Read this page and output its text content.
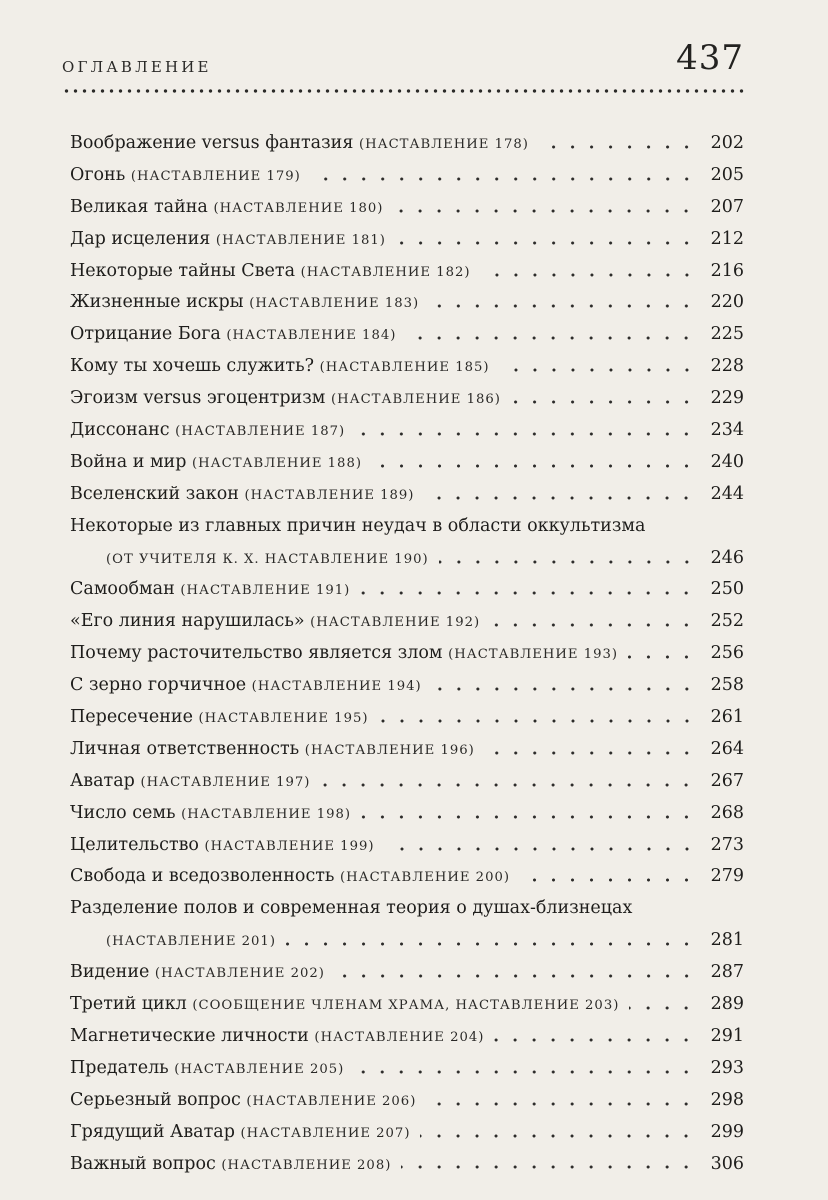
ОГЛАВЛЕНИЕ	437
Воображение versus фантазия (НАСТАВЛЕНИЕ 178)	202
Огонь (НАСТАВЛЕНИЕ 179)	205
Великая тайна (НАСТАВЛЕНИЕ 180)	207
Дар исцеления (НАСТАВЛЕНИЕ 181)	212
Некоторые тайны Света (НАСТАВЛЕНИЕ 182)	216
Жизненные искры (НАСТАВЛЕНИЕ 183)	220
Отрицание Бога (НАСТАВЛЕНИЕ 184)	225
Кому ты хочешь служить? (НАСТАВЛЕНИЕ 185)	228
Эгоизм versus эгоцентризм (НАСТАВЛЕНИЕ 186)	229
Диссонанс (НАСТАВЛЕНИЕ 187)	234
Война и мир (НАСТАВЛЕНИЕ 188)	240
Вселенский закон (НАСТАВЛЕНИЕ 189)	244
Некоторые из главных причин неудач в области оккультизма
(ОТ УЧИТЕЛЯ К. Х. НАСТАВЛЕНИЕ 190)	246
Самообман (НАСТАВЛЕНИЕ 191)	250
«Его линия нарушилась» (НАСТАВЛЕНИЕ 192)	252
Почему расточительство является злом (НАСТАВЛЕНИЕ 193)	256
С зерно горчичное (НАСТАВЛЕНИЕ 194)	258
Пересечение (НАСТАВЛЕНИЕ 195)	261
Личная ответственность (НАСТАВЛЕНИЕ 196)	264
Аватар (НАСТАВЛЕНИЕ 197)	267
Число семь (НАСТАВЛЕНИЕ 198)	268
Целительство (НАСТАВЛЕНИЕ 199)	273
Свобода и вседозволенность (НАСТАВЛЕНИЕ 200)	279
Разделение полов и современная теория о душах-близнецах
(НАСТАВЛЕНИЕ 201)	281
Видение (НАСТАВЛЕНИЕ 202)	287
Третий цикл (СООБЩЕНИЕ ЧЛЕНАМ ХРАМА, НАСТАВЛЕНИЕ 203)	289
Магнетические личности (НАСТАВЛЕНИЕ 204)	291
Предатель (НАСТАВЛЕНИЕ 205)	293
Серьезный вопрос (НАСТАВЛЕНИЕ 206)	298
Грядущий Аватар (НАСТАВЛЕНИЕ 207)	299
Важный вопрос (НАСТАВЛЕНИЕ 208)	306
